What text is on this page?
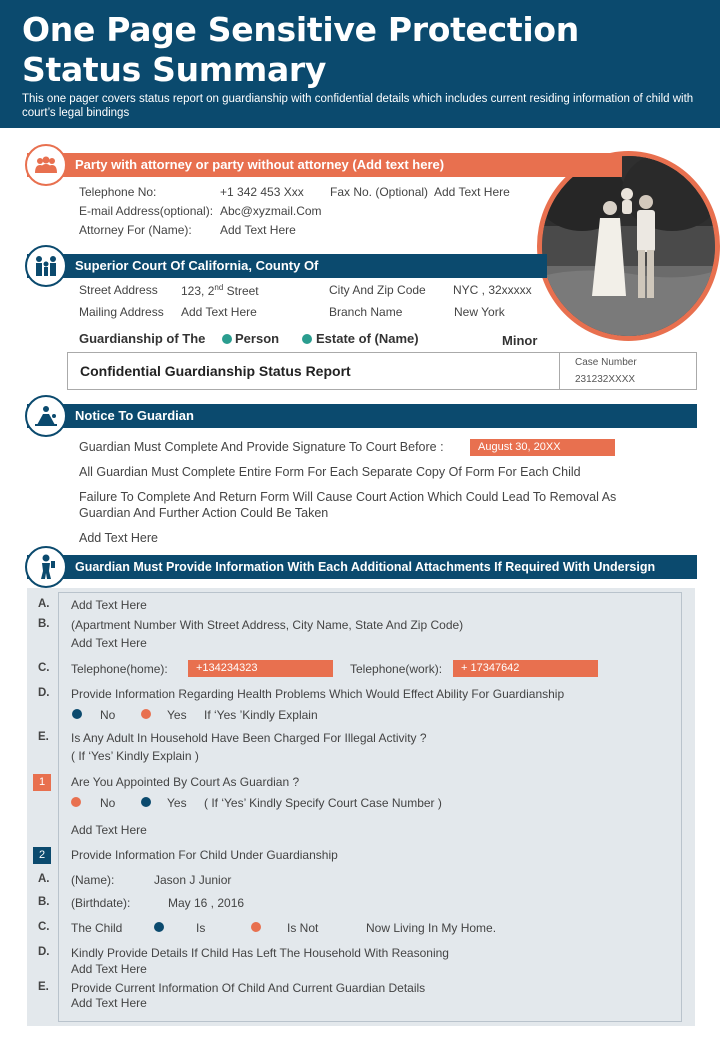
One Page Sensitive Protection Status Summary

This one pager covers status report on guardianship with confidential details which includes current residing information of child with court’s legal bindings

Party with attorney or party without attorney (Add text here)
Telephone No:	+1 342 453 Xxx Fax No. (Optional) Add Text Here
E-mail Address(optional): Abc@xyzmail.Com
Attorney For (Name): Add Text Here
Superior Court Of California, County Of
Street Address 123, 2nd Street	City And Zip Code NYC , 32xxxxx
Mailing Address Add Text Here	Branch Name	New York
Guardianship of The Person	Estate of (Name)	Minor
Confidential Guardianship Status Report
Case Number
231232XXXX
Notice To Guardian
Guardian Must Complete And Provide Signature To Court Before :	August 30, 20XX
All Guardian Must Complete Entire Form For Each Separate Copy Of Form For Each Child
Failure To Complete And Return Form Will Cause Court Action Which Could Lead To Removal As Guardian And Further Action Could Be Taken
Add Text Here
Guardian Must Provide Information With Each Additional Attachments If Required With Undersign
A. Add Text Here
B. (Apartment Number With Street Address, City Name, State And Zip Code)
Add Text Here
C. Telephone(home):	+134234323	Telephone(work):	+ 17347642
D. Provide Information Regarding Health Problems Which Would Effect Ability For Guardianship
No	Yes If ‘Yes ’Kindly Explain
E. Is Any Adult In Household Have Been Charged For Illegal Activity ?
( If ‘Yes’ Kindly Explain )
1	Are You Appointed By Court As Guardian ?
No	Yes ( If ‘Yes’ Kindly Specify Court Case Number )
Add Text Here
2	Provide Information For Child Under Guardianship
A. (Name):	Jason J Junior
B. (Birthdate):	May 16 , 2016
C. The Child	Is	Is Not	Now Living In My Home.
D. Kindly Provide Details If Child Has Left The Household With Reasoning
Add Text Here
E. Provide Current Information Of Child And Current Guardian Details
Add Text Here
